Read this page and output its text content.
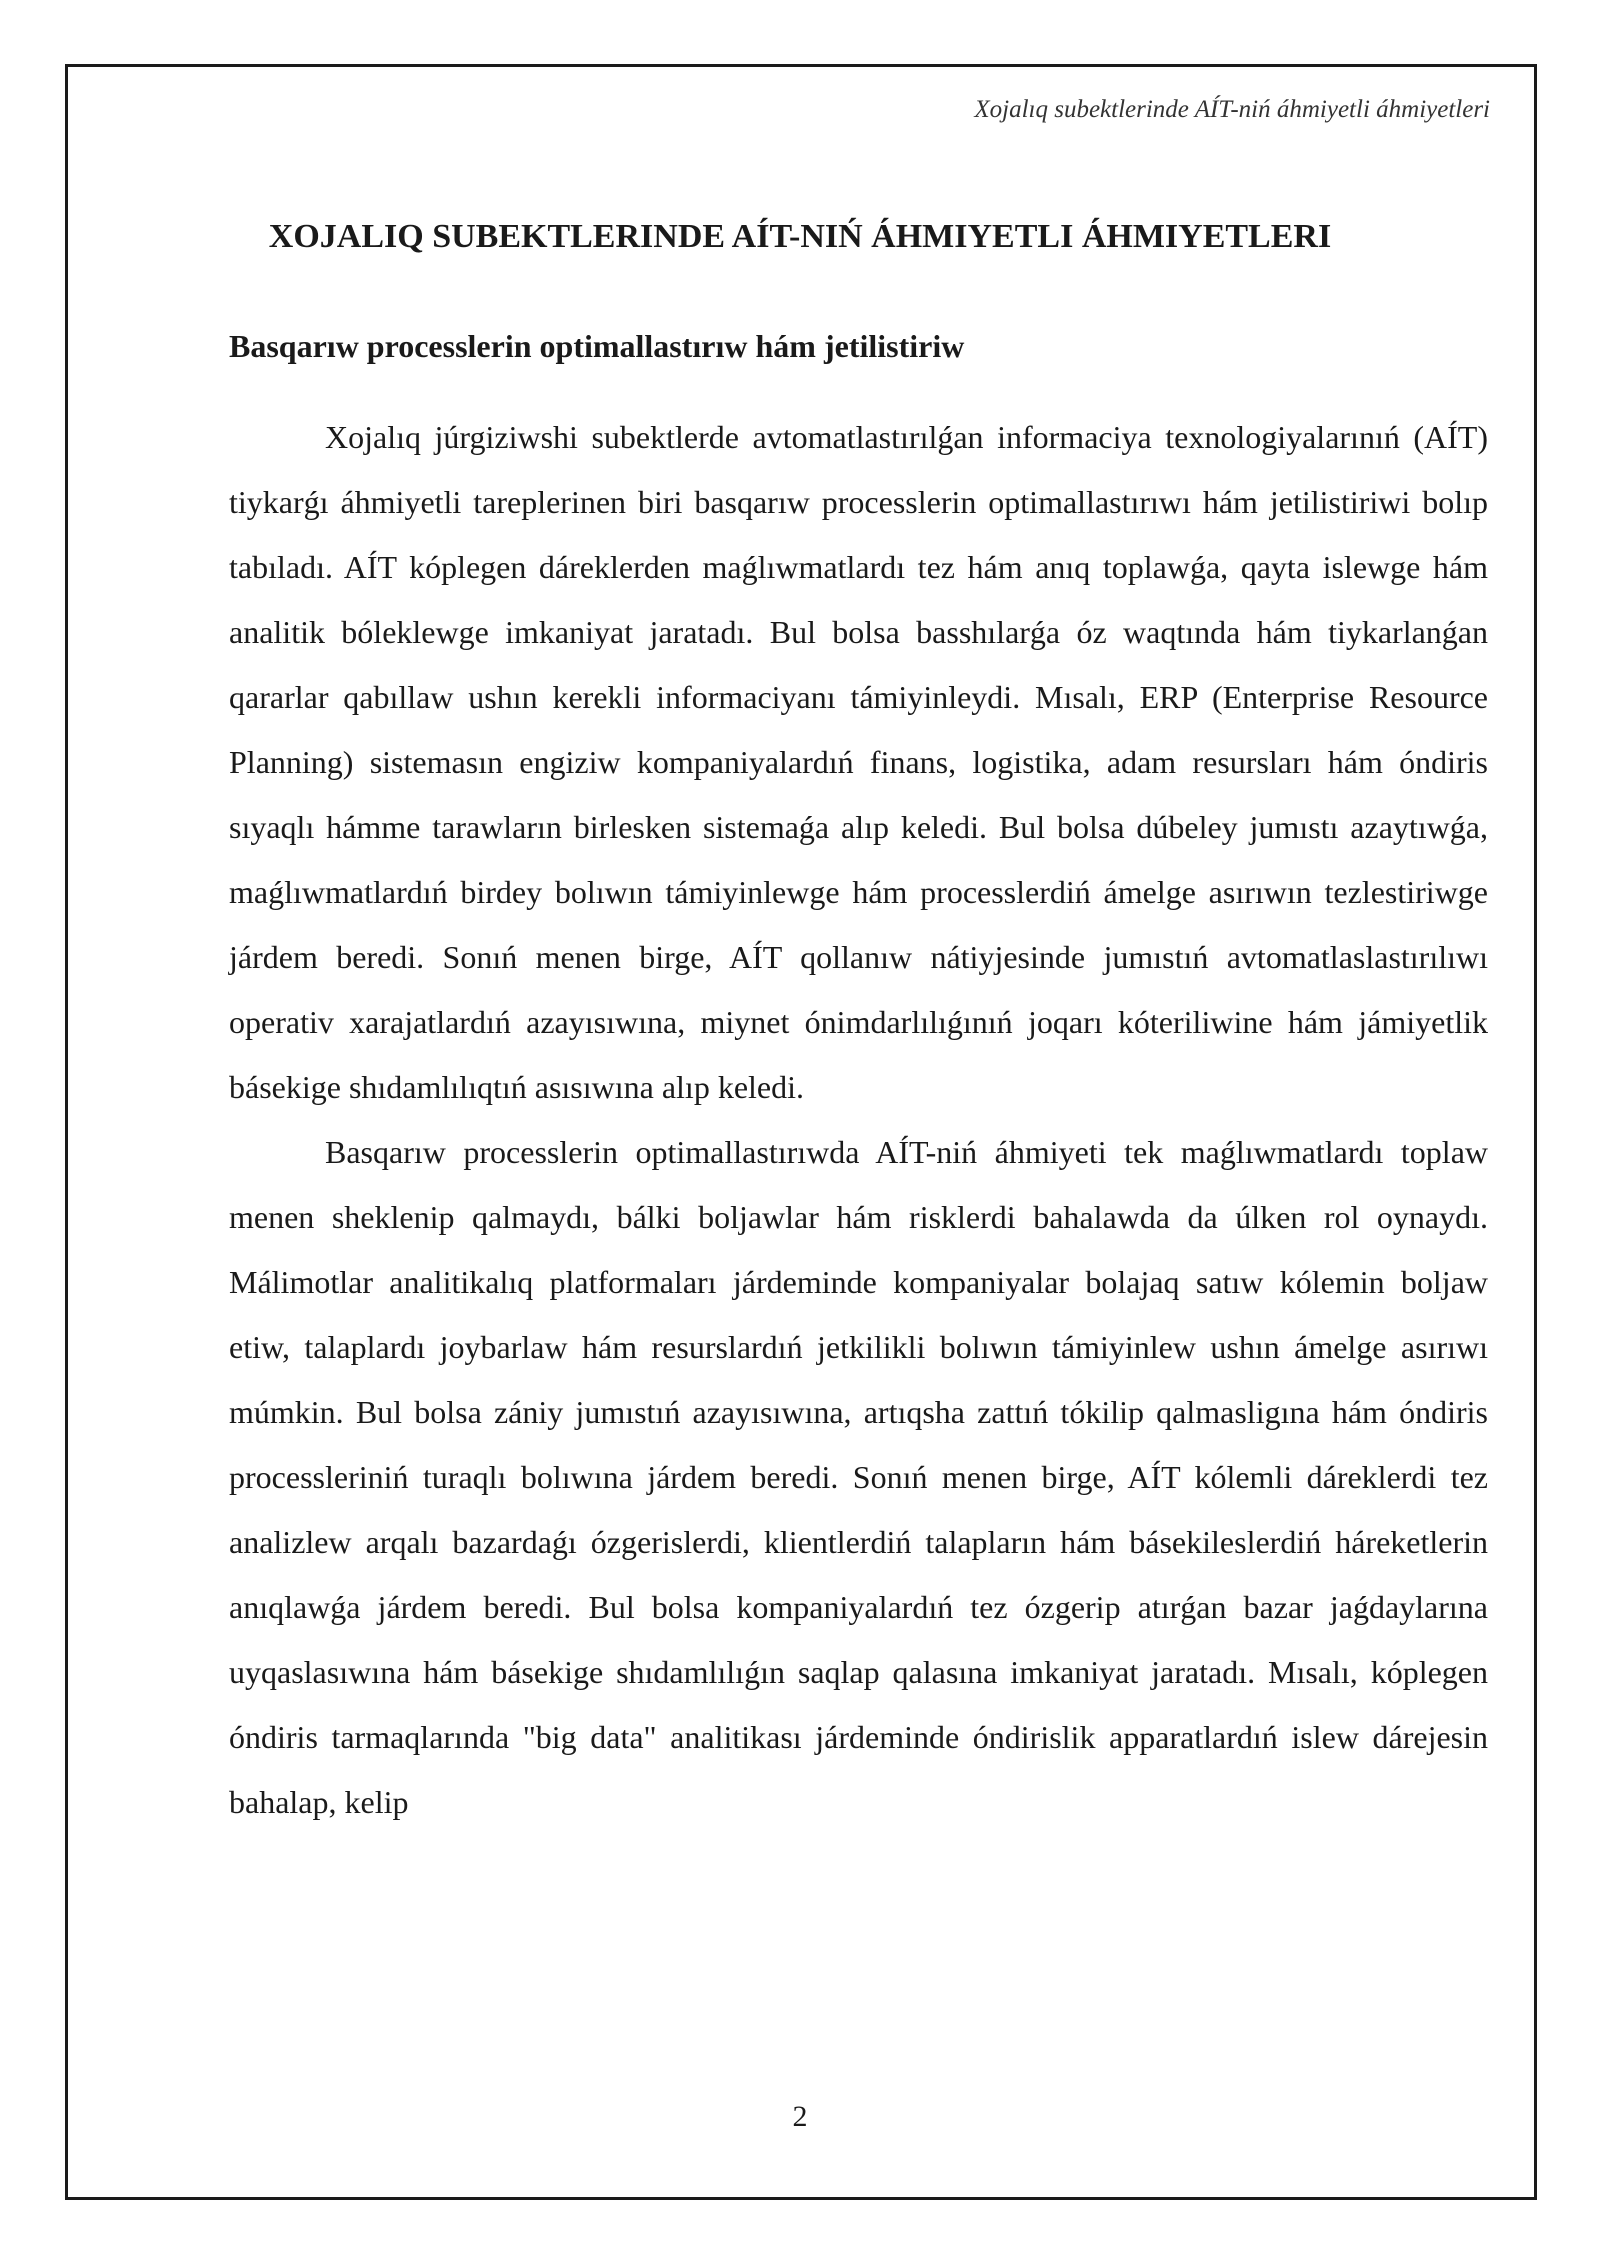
Xojalıq subektlerinde AÍT-niń áhmiyetli áhmiyetleri
XOJALIQ SUBEKTLERINDE AÍT-NIŃ ÁHMIYETLI ÁHMIYETLERI
Basqarıw processlerin optimallastırıw hám jetilistiriw

Xojalıq júrgiziwshi subektlerde avtomatlastırılǵan informaciya texnologiyalarınıń (AÍT) tiykarǵı áhmiyetli tareplerinen biri basqarıw processlerin optimallastırıwı hám jetilistiriwi bolıp tabıladı. AÍT kóplegen dáreklerden maǵlıwmatlardı tez hám anıq toplawǵa, qayta islewge hám analitik bóleklewge imkaniyat jaratadı. Bul bolsa basshılarǵa óz waqtında hám tiykarlanǵan qararlar qabıllaw ushın kerekli informaciyanı támiyinleydi. Mısalı, ERP (Enterprise Resource Planning) sistemasın engiziw kompaniyalardıń finans, logistika, adam resursları hám óndiris sıyaqlı hámme tarawların birlesken sistemaǵa alıp keledi. Bul bolsa dúbeley jumıstı azaytıwǵa, maǵlıwmatlardıń birdey bolıwın támiyinlewge hám processlerdiń ámelge asırıwın tezlestiriwge járdem beredi. Sonıń menen birge, AÍT qollanıw nátiyjesinde jumıstıń avtomatlaslastırılıwı operativ xarajatlardıń azayısıwına, miynet ónimdarlılıǵınıń joqarı kóteriliwine hám jámiyetlik básekige shıdamlılıqtıń asısıwına alıp keledi.

Basqarıw processlerin optimallastırıwda AÍT-niń áhmiyeti tek maǵlıwmatlardı toplaw menen sheklenip qalmaydı, bálki boljawlar hám risklerdi bahalawda da úlken rol oynaydı. Málimotlar analitikalıq platformaları járdeminde kompaniyalar bolajaq satıw kólemin boljaw etiw, talaplardı joybarlaw hám resurslardıń jetkilikli bolıwın támiyinlew ushın ámelge asırıwı múmkin. Bul bolsa zániy jumıstıń azayısıwına, artıqsha zattıń tókilip qalmasligına hám óndiris processleriniń turaqlı bolıwına járdem beredi. Sonıń menen birge, AÍT kólemli dáreklerdi tez analizlew arqalı bazardaǵı ózgerislerdi, klientlerdiń talapların hám básekileslerdiń háreketlerin anıqlawǵa járdem beredi. Bul bolsa kompaniyalardıń tez ózgerip atırǵan bazar jaǵdaylarına uyqaslasıwına hám básekige shıdamlılıǵın saqlap qalasına imkaniyat jaratadı. Mısalı, kóplegen óndiris tarmaqlarında "big data" analitikası járdeminde óndirislik apparatlardıń islew dárejesin bahalap, kelip

2
